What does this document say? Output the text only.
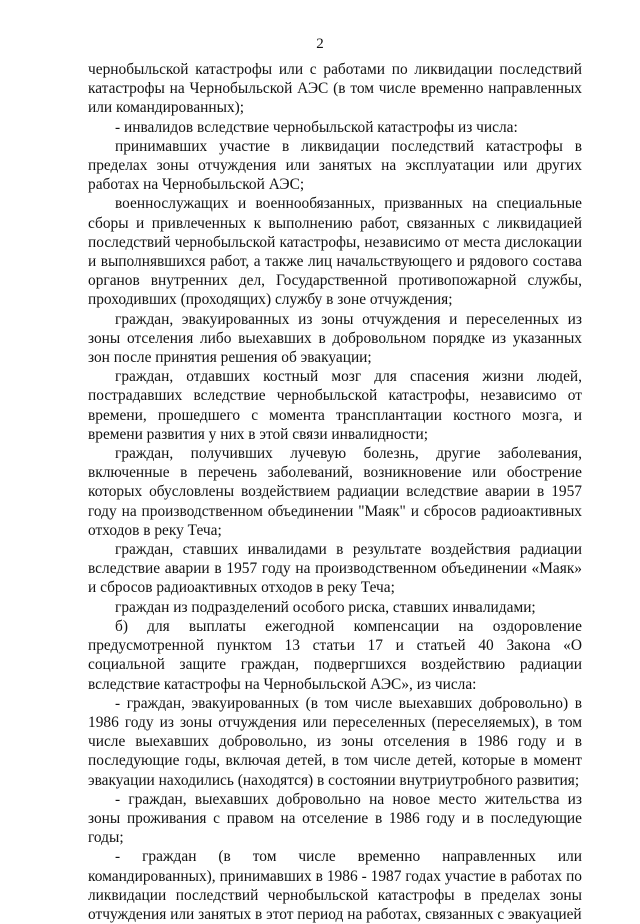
2

чернобыльской катастрофы или с работами по ликвидации последствий катастрофы на Чернобыльской АЭС (в том числе временно направленных или командированных);

- инвалидов вследствие чернобыльской катастрофы из числа:

принимавших участие в ликвидации последствий катастрофы в пределах зоны отчуждения или занятых на эксплуатации или других работах на Чернобыльской АЭС;

военнослужащих и военнообязанных, призванных на специальные сборы и привлеченных к выполнению работ, связанных с ликвидацией последствий чернобыльской катастрофы, независимо от места дислокации и выполнявшихся работ, а также лиц начальствующего и рядового состава органов внутренних дел, Государственной противопожарной службы, проходивших (проходящих) службу в зоне отчуждения;

граждан, эвакуированных из зоны отчуждения и переселенных из зоны отселения либо выехавших в добровольном порядке из указанных зон после принятия решения об эвакуации;

граждан, отдавших костный мозг для спасения жизни людей, пострадавших вследствие чернобыльской катастрофы, независимо от времени, прошедшего с момента трансплантации костного мозга, и времени развития у них в этой связи инвалидности;

граждан, получивших лучевую болезнь, другие заболевания, включенные в перечень заболеваний, возникновение или обострение которых обусловлены воздействием радиации вследствие аварии в 1957 году на производственном объединении "Маяк" и сбросов радиоактивных отходов в реку Теча;

граждан, ставших инвалидами в результате воздействия радиации вследствие аварии в 1957 году на производственном объединении «Маяк» и сбросов радиоактивных отходов в реку Теча;

граждан из подразделений особого риска, ставших инвалидами;

б) для выплаты ежегодной компенсации на оздоровление предусмотренной пунктом 13 статьи 17 и статьей 40 Закона «О социальной защите граждан, подвергшихся воздействию радиации вследствие катастрофы на Чернобыльской АЭС», из числа:

- граждан, эвакуированных (в том числе выехавших добровольно) в 1986 году из зоны отчуждения или переселенных (переселяемых), в том числе выехавших добровольно, из зоны отселения в 1986 году и в последующие годы, включая детей, в том числе детей, которые в момент эвакуации находились (находятся) в состоянии внутриутробного развития;

- граждан, выехавших добровольно на новое место жительства из зоны проживания с правом на отселение в 1986 году и в последующие годы;

- граждан (в том числе временно направленных или командированных), принимавших в 1986 - 1987 годах участие в работах по ликвидации последствий чернобыльской катастрофы в пределах зоны отчуждения или занятых в этот период на работах, связанных с эвакуацией
